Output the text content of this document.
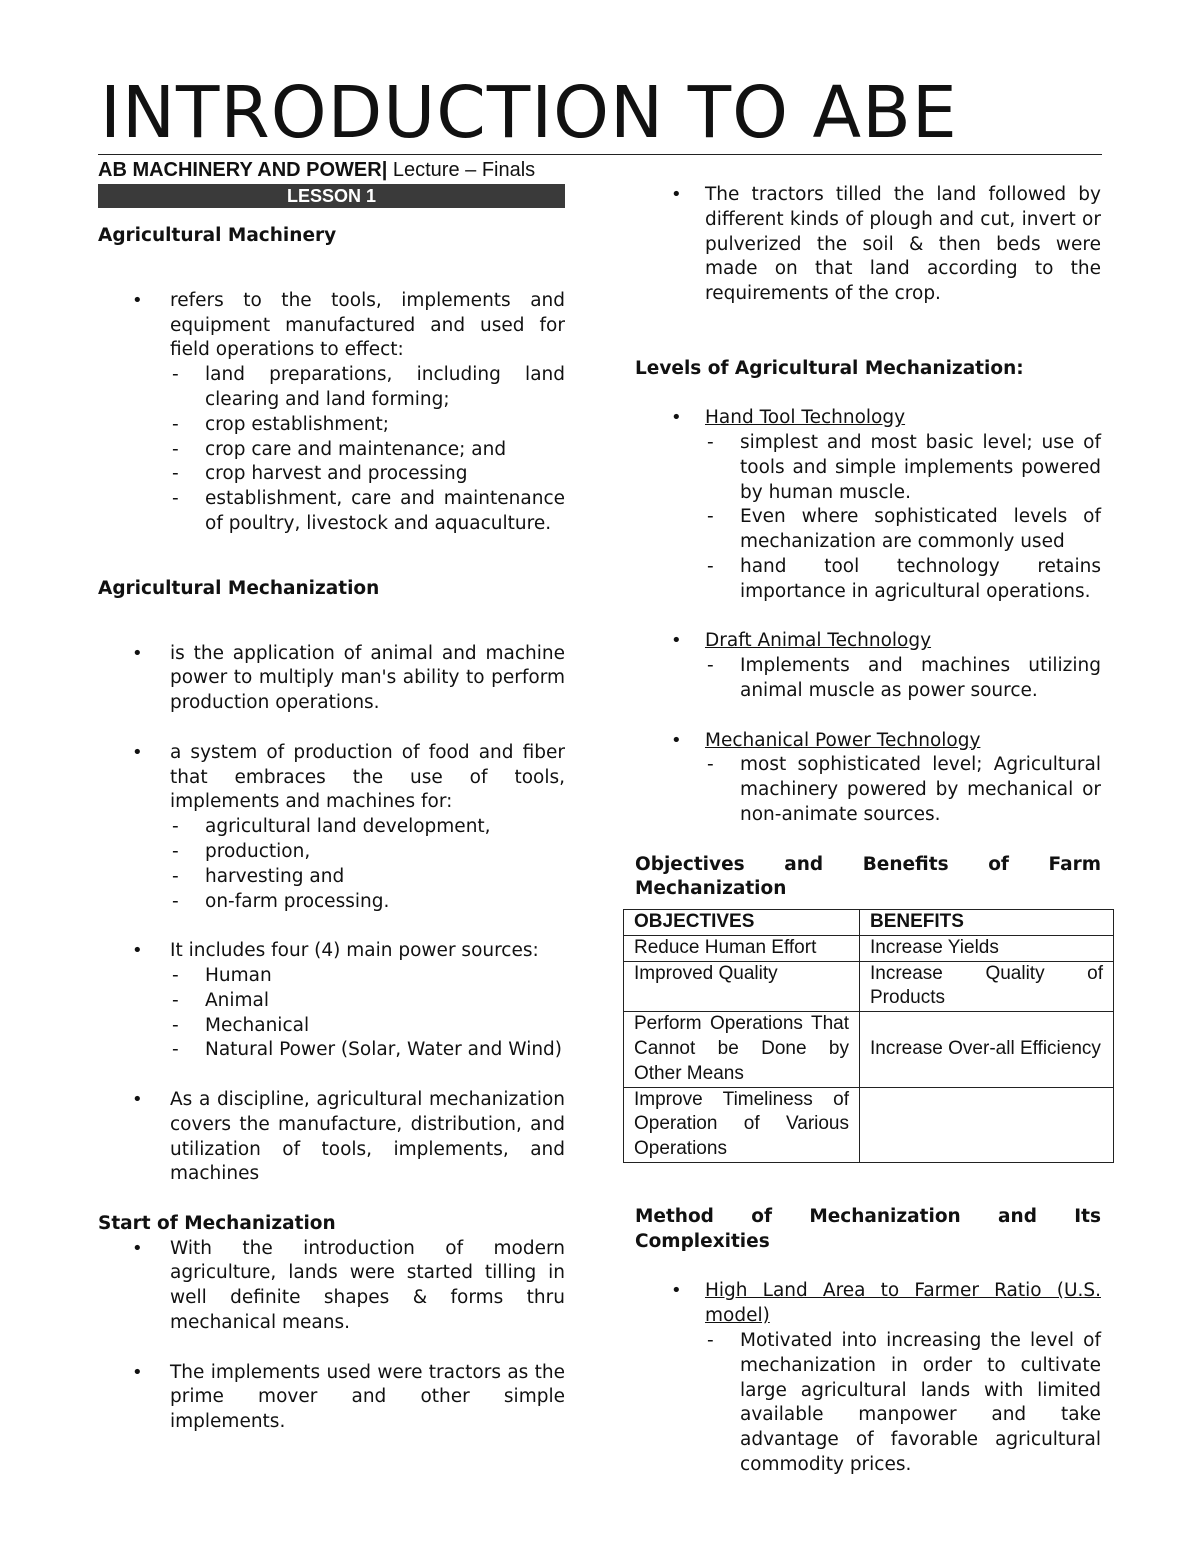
INTRODUCTION TO ABE
AB MACHINERY AND POWER| Lecture – Finals
LESSON 1

Agricultural Machinery

• refers to the tools, implements and equipment manufactured and used for field operations to effect:
- land preparations, including land clearing and land forming;
- crop establishment;
- crop care and maintenance; and
- crop harvest and processing
- establishment, care and maintenance of poultry, livestock and aquaculture.

Agricultural Mechanization

• is the application of animal and machine power to multiply man's ability to perform production operations.
• a system of production of food and fiber that embraces the use of tools, implements and machines for:
- agricultural land development,
- production,
- harvesting and
- on-farm processing.
• It includes four (4) main power sources:
- Human
- Animal
- Mechanical
- Natural Power (Solar, Water and Wind)
• As a discipline, agricultural mechanization covers the manufacture, distribution, and utilization of tools, implements, and machines

Start of Mechanization

• With the introduction of modern agriculture, lands were started tilling in well definite shapes & forms thru mechanical means.
• The implements used were tractors as the prime mover and other simple implements.
• The tractors tilled the land followed by different kinds of plough and cut, invert or pulverized the soil & then beds were made on that land according to the requirements of the crop.

Levels of Agricultural Mechanization:

• Hand Tool Technology
- simplest and most basic level; use of tools and simple implements powered by human muscle.
- Even where sophisticated levels of mechanization are commonly used
- hand tool technology retains importance in agricultural operations.
• Draft Animal Technology
- Implements and machines utilizing animal muscle as power source.
• Mechanical Power Technology
- most sophisticated level; Agricultural machinery powered by mechanical or non-animate sources.

Objectives and Benefits of Farm Mechanization

OBJECTIVES	BENEFITS
Reduce Human Effort	Increase Yields
Improved Quality	Increase Quality of Products
Perform Operations That Cannot be Done by Other Means	Increase Over-all Efficiency
Improve Timeliness of Operation of Various Operations	

Method of Mechanization and Its Complexities

• High Land Area to Farmer Ratio (U.S. model)
- Motivated into increasing the level of mechanization in order to cultivate large agricultural lands with limited available manpower and take advantage of favorable agricultural commodity prices.
